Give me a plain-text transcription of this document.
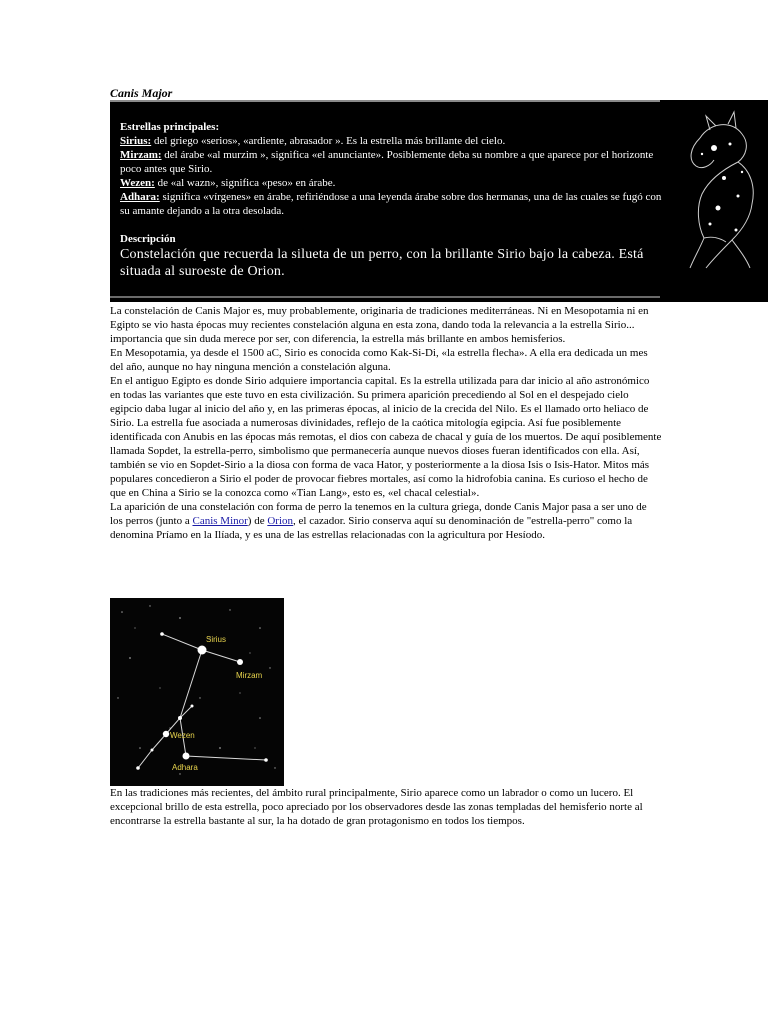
Canis Major
Estrellas principales:
Sirius: del griego «serios», «ardiente, abrasador ». Es la estrella más brillante del cielo.
Mirzam: del árabe «al murzim », significa «el anunciante». Posiblemente deba su nombre a que aparece por el horizonte poco antes que Sirio.
Wezen: de «al wazn», significa «peso» en árabe.
Adhara: significa «vírgenes» en árabe, refiriéndose a una leyenda árabe sobre dos hermanas, una de las cuales se fugó con su amante dejando a la otra desolada.
Descripción
Constelación que recuerda la silueta de un perro, con la brillante Sirio bajo la cabeza. Está situada al suroeste de Orion.

La constelación de Canis Major es, muy probablemente, originaria de tradiciones mediterráneas. Ni en Mesopotamia ni en Egipto se vio hasta épocas muy recientes constelación alguna en esta zona, dando toda la relevancia a la estrella Sirio... importancia que sin duda merece por ser, con diferencia, la estrella más brillante en ambos hemisferios.

En Mesopotamia, ya desde el 1500 aC, Sirio es conocida como Kak-Si-Di, «la estrella flecha». A ella era dedicada un mes del año, aunque no hay ninguna mención a constelación alguna.

En el antiguo Egipto es donde Sirio adquiere importancia capital. Es la estrella utilizada para dar inicio al año astronómico en todas las variantes que este tuvo en esta civilización. Su primera aparición precediendo al Sol en el despejado cielo egipcio daba lugar al inicio del año y, en las primeras épocas, al inicio de la crecida del Nilo. Es el llamado orto heliaco de Sirio. La estrella fue asociada a numerosas divinidades, reflejo de la caótica mitología egipcia. Así fue posiblemente identificada con Anubis en las épocas más remotas, el dios con cabeza de chacal y guía de los muertos. De aquí posiblemente llamada Sopdet, la estrella-perro, simbolismo que permanecería aunque nuevos dioses fueran identificados con ella. Así, también se vio en Sopdet-Sirio a la diosa con forma de vaca Hator, y posteriormente a la diosa Isis o Isis-Hator. Mitos más populares concedieron a Sirio el poder de provocar fiebres mortales, así como la hidrofobia canina. Es curioso el hecho de que en China a Sirio se la conozca como «Tian Lang», esto es, «el chacal celestial».

La aparición de una constelación con forma de perro la tenemos en la cultura griega, donde Canis Major pasa a ser uno de los perros (junto a Canis Minor) de Orion, el cazador. Sirio conserva aquí su denominación de "estrella-perro" como la denomina Príamo en la Ilíada, y es una de las estrellas relacionadas con la agricultura por Hesíodo.

Sirius
Mirzam
Wezen
Adhara

En las tradiciones más recientes, del ámbito rural principalmente, Sirio aparece como un labrador o como un lucero. El excepcional brillo de esta estrella, poco apreciado por los observadores desde las zonas templadas del hemisferio norte al encontrarse la estrella bastante al sur, la ha dotado de gran protagonismo en todos los tiempos.
